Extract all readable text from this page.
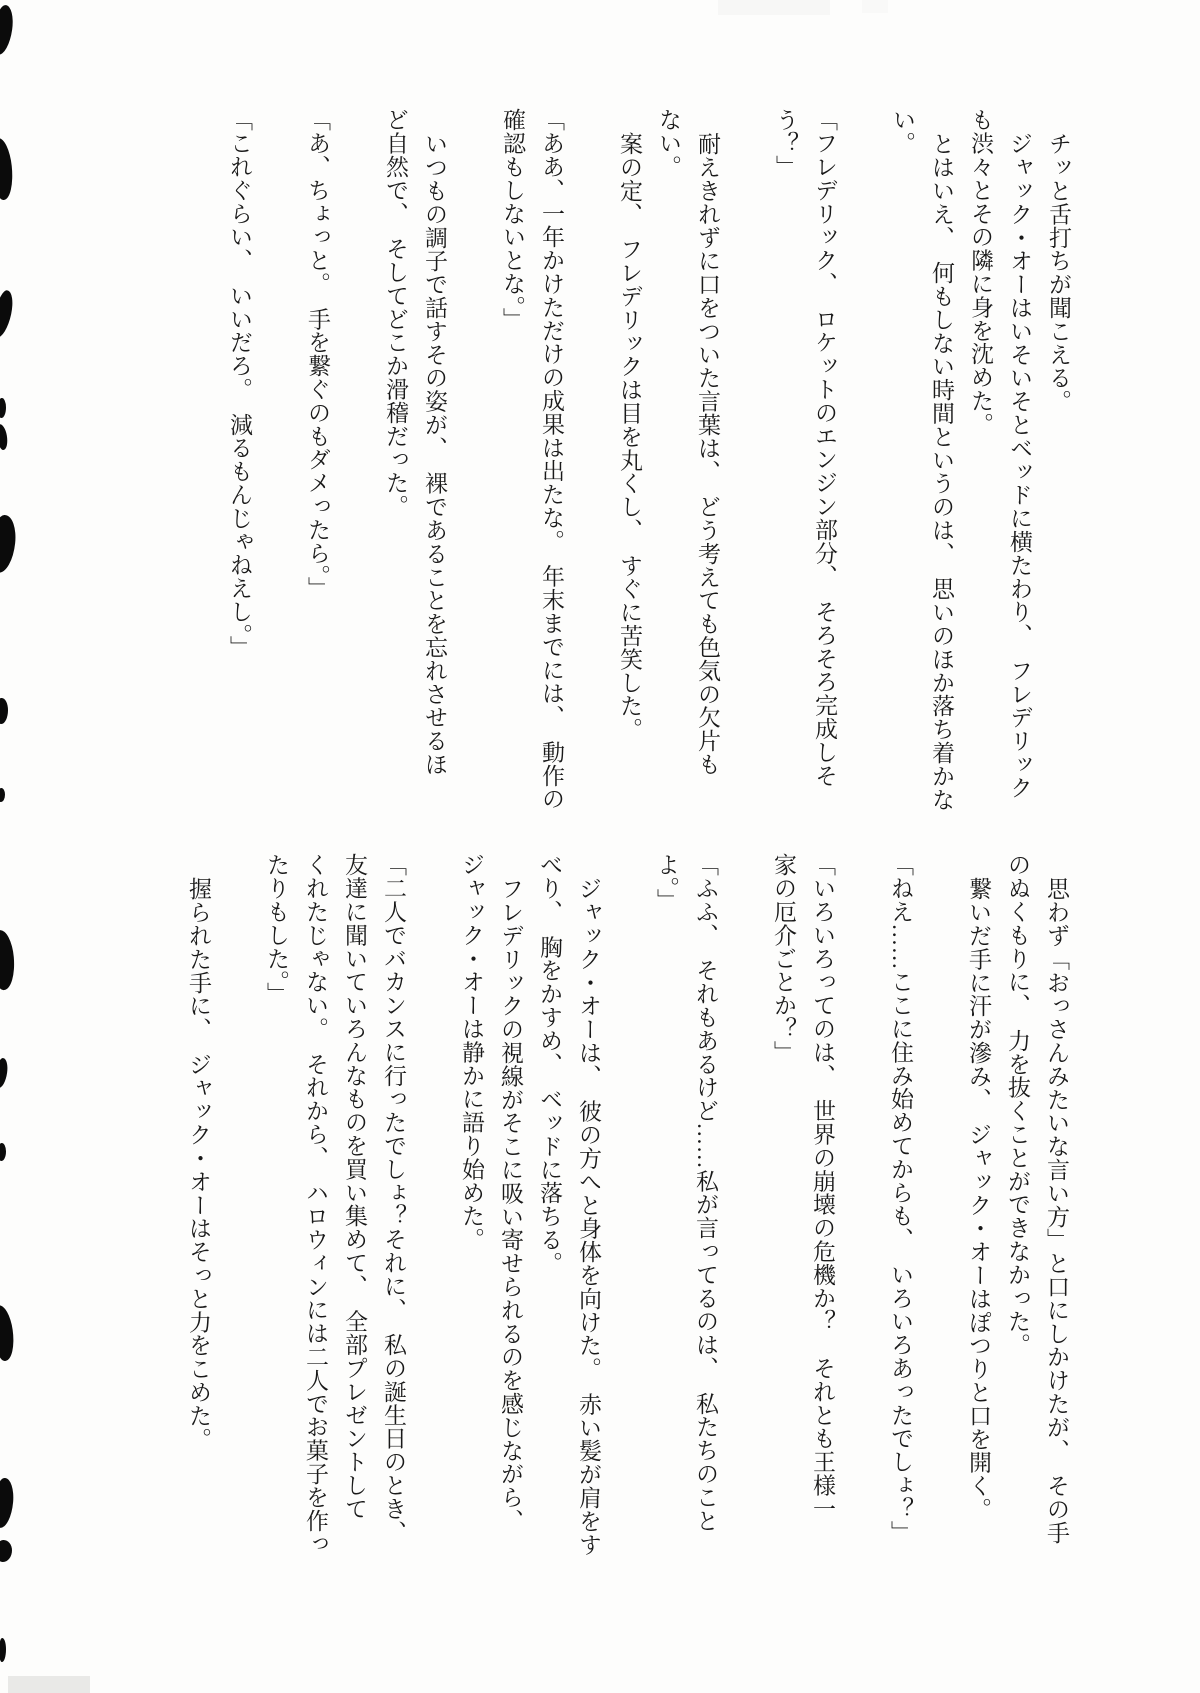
チッと舌打ちが聞こえる。

ジャック・オーはいそいそとベッドに横たわり、　フレデリック

も渋々とその隣に身を沈めた。

とはいえ、　何もしない時間というのは、　思いのほか落ち着かな

い。

「フレデリック、　ロケットのエンジン部分、　そろそろ完成しそ

う？」

耐えきれずに口をついた言葉は、　どう考えても色気の欠片も

ない。

案の定、　フレデリックは目を丸くし、　すぐに苦笑した。

「ああ、一年かけただけの成果は出たな。　年末までには、　動作の

確認もしないとな。」

いつもの調子で話すその姿が、　裸であることを忘れさせるほ

ど自然で、　そしてどこか滑稽だった。

「あ、ちょっと。　手を繋ぐのもダメったら。」

「これぐらい、　いいだろ。　減るもんじゃねえし。」

思わず「おっさんみたいな言い方」と口にしかけたが、　その手

のぬくもりに、　力を抜くことができなかった。

繋いだ手に汗が滲み、　ジャック・オーはぽつりと口を開く。

「ねえ……ここに住み始めてからも、　いろいろあったでしょ？」

「いろいろってのは、　世界の崩壊の危機か？　それとも王様一

家の厄介ごとか？」

「ふふ、　それもあるけど……私が言ってるのは、　私たちのこと

よ。」

ジャック・オーは、　彼の方へと身体を向けた。　赤い髪が肩をす

べり、　胸をかすめ、　ベッドに落ちる。

フレデリックの視線がそこに吸い寄せられるのを感じながら、

ジャック・オーは静かに語り始めた。

「二人でバカンスに行ったでしょ？それに、　私の誕生日のとき、

友達に聞いていろんなものを買い集めて、　全部プレゼントして

くれたじゃない。　それから、　ハロウィンには二人でお菓子を作っ

たりもした。」

握られた手に、　ジャック・オーはそっと力をこめた。
